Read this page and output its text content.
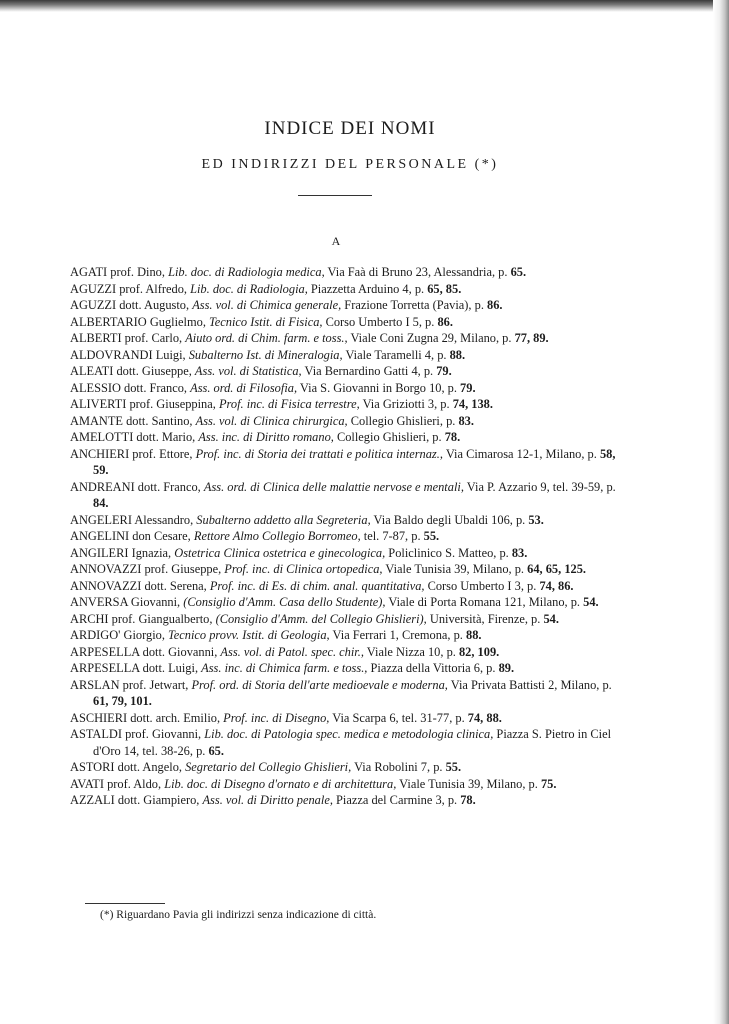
INDICE DEI NOMI
ED INDIRIZZI DEL PERSONALE (*)
A
AGATI prof. Dino, Lib. doc. di Radiologia medica, Via Faà di Bruno 23, Alessandria, p. 65.
AGUZZI prof. Alfredo, Lib. doc. di Radiologia, Piazzetta Arduino 4, p. 65, 85.
AGUZZI dott. Augusto, Ass. vol. di Chimica generale, Frazione Torretta (Pavia), p. 86.
ALBERTARIO Guglielmo, Tecnico Istit. di Fisica, Corso Umberto I 5, p. 86.
ALBERTI prof. Carlo, Aiuto ord. di Chim. farm. e toss., Viale Coni Zugna 29, Milano, p. 77, 89.
ALDOVRANDI Luigi, Subalterno Ist. di Mineralogia, Viale Taramelli 4, p. 88.
ALEATI dott. Giuseppe, Ass. vol. di Statistica, Via Bernardino Gatti 4, p. 79.
ALESSIO dott. Franco, Ass. ord. di Filosofia, Via S. Giovanni in Borgo 10, p. 79.
ALIVERTI prof. Giuseppina, Prof. inc. di Fisica terrestre, Via Griziotti 3, p. 74, 138.
AMANTE dott. Santino, Ass. vol. di Clinica chirurgica, Collegio Ghislieri, p. 83.
AMELOTTI dott. Mario, Ass. inc. di Diritto romano, Collegio Ghislieri, p. 78.
ANCHIERI prof. Ettore, Prof. inc. di Storia dei trattati e politica internaz., Via Cimarosa 12-1, Milano, p. 58, 59.
ANDREANI dott. Franco, Ass. ord. di Clinica delle malattie nervose e mentali, Via P. Azzario 9, tel. 39-59, p. 84.
ANGELERI Alessandro, Subalterno addetto alla Segreteria, Via Baldo degli Ubaldi 106, p. 53.
ANGELINI don Cesare, Rettore Almo Collegio Borromeo, tel. 7-87, p. 55.
ANGILERI Ignazia, Ostetrica Clinica ostetrica e ginecologica, Policlinico S. Matteo, p. 83.
ANNOVAZZI prof. Giuseppe, Prof. inc. di Clinica ortopedica, Viale Tunisia 39, Milano, p. 64, 65, 125.
ANNOVAZZI dott. Serena, Prof. inc. di Es. di chim. anal. quantitativa, Corso Umberto I 3, p. 74, 86.
ANVERSA Giovanni, (Consiglio d'Amm. Casa dello Studente), Viale di Porta Romana 121, Milano, p. 54.
ARCHI prof. Giangualberto, (Consiglio d'Amm. del Collegio Ghislieri), Università, Firenze, p. 54.
ARDIGO' Giorgio, Tecnico provv. Istit. di Geologia, Via Ferrari 1, Cremona, p. 88.
ARPESELLA dott. Giovanni, Ass. vol. di Patol. spec. chir., Viale Nizza 10, p. 82, 109.
ARPESELLA dott. Luigi, Ass. inc. di Chimica farm. e toss., Piazza della Vittoria 6, p. 89.
ARSLAN prof. Jetwart, Prof. ord. di Storia dell'arte medioevale e moderna, Via Privata Battisti 2, Milano, p. 61, 79, 101.
ASCHIERI dott. arch. Emilio, Prof. inc. di Disegno, Via Scarpa 6, tel. 31-77, p. 74, 88.
ASTALDI prof. Giovanni, Lib. doc. di Patologia spec. medica e metodologia clinica, Piazza S. Pietro in Ciel d'Oro 14, tel. 38-26, p. 65.
ASTORI dott. Angelo, Segretario del Collegio Ghislieri, Via Robolini 7, p. 55.
AVATI prof. Aldo, Lib. doc. di Disegno d'ornato e di architettura, Viale Tunisia 39, Milano, p. 75.
AZZALI dott. Giampiero, Ass. vol. di Diritto penale, Piazza del Carmine 3, p. 78.
(*) Riguardano Pavia gli indirizzi senza indicazione di città.
